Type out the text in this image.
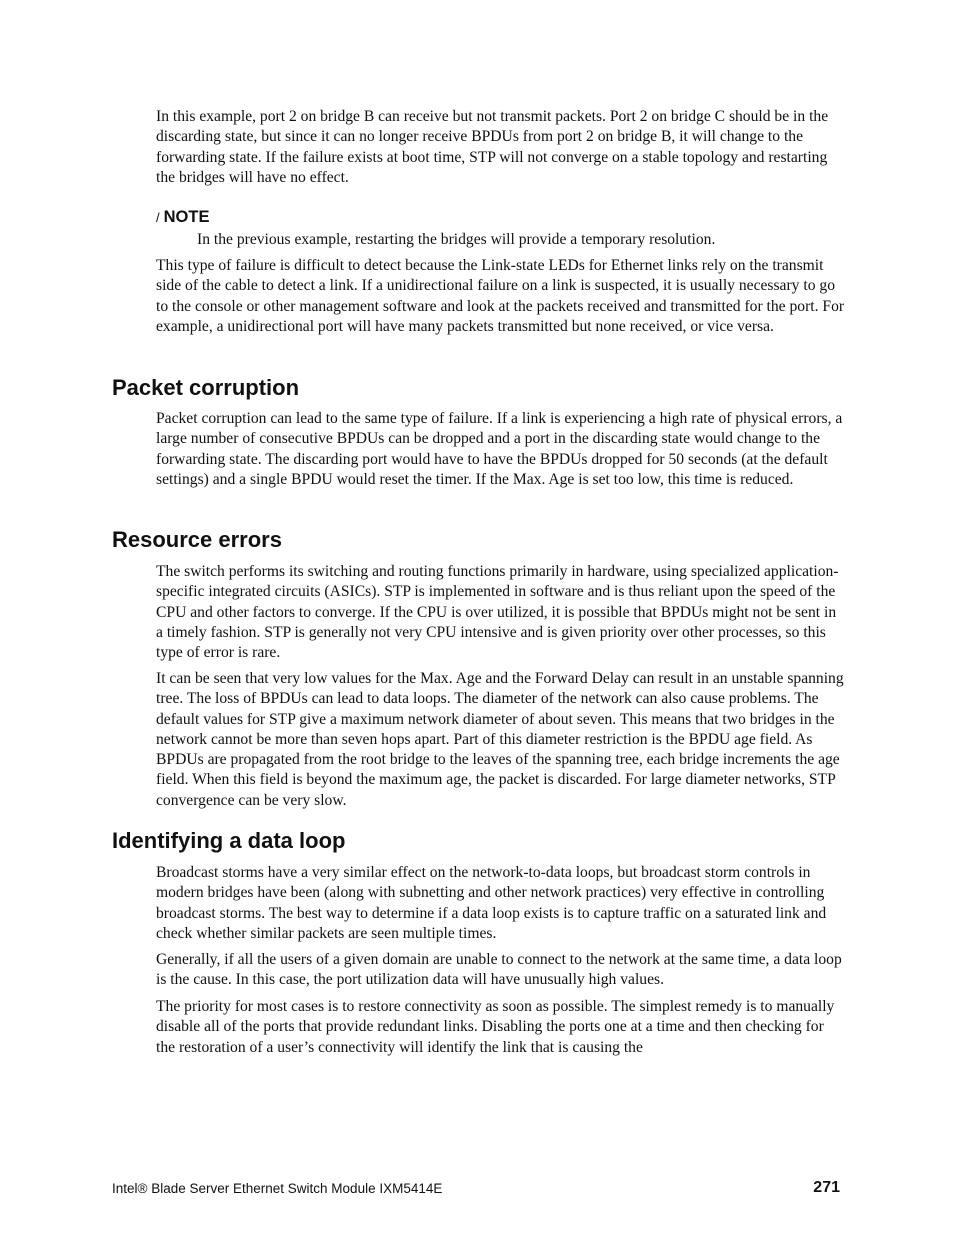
In this example, port 2 on bridge B can receive but not transmit packets. Port 2 on bridge C should be in the discarding state, but since it can no longer receive BPDUs from port 2 on bridge B, it will change to the forwarding state. If the failure exists at boot time, STP will not converge on a stable topology and restarting the bridges will have no effect.

/ NOTE

In the previous example, restarting the bridges will provide a temporary resolution.

This type of failure is difficult to detect because the Link-state LEDs for Ethernet links rely on the transmit side of the cable to detect a link. If a unidirectional failure on a link is suspected, it is usually necessary to go to the console or other management software and look at the packets received and transmitted for the port. For example, a unidirectional port will have many packets transmitted but none received, or vice versa.

Packet corruption

Packet corruption can lead to the same type of failure. If a link is experiencing a high rate of physical errors, a large number of consecutive BPDUs can be dropped and a port in the discarding state would change to the forwarding state. The discarding port would have to have the BPDUs dropped for 50 seconds (at the default settings) and a single BPDU would reset the timer. If the Max. Age is set too low, this time is reduced.

Resource errors

The switch performs its switching and routing functions primarily in hardware, using specialized application-specific integrated circuits (ASICs). STP is implemented in software and is thus reliant upon the speed of the CPU and other factors to converge. If the CPU is over utilized, it is possible that BPDUs might not be sent in a timely fashion. STP is generally not very CPU intensive and is given priority over other processes, so this type of error is rare.

It can be seen that very low values for the Max. Age and the Forward Delay can result in an unstable spanning tree. The loss of BPDUs can lead to data loops. The diameter of the network can also cause problems. The default values for STP give a maximum network diameter of about seven. This means that two bridges in the network cannot be more than seven hops apart. Part of this diameter restriction is the BPDU age field. As BPDUs are propagated from the root bridge to the leaves of the spanning tree, each bridge increments the age field. When this field is beyond the maximum age, the packet is discarded. For large diameter networks, STP convergence can be very slow.

Identifying a data loop

Broadcast storms have a very similar effect on the network-to-data loops, but broadcast storm controls in modern bridges have been (along with subnetting and other network practices) very effective in controlling broadcast storms. The best way to determine if a data loop exists is to capture traffic on a saturated link and check whether similar packets are seen multiple times.

Generally, if all the users of a given domain are unable to connect to the network at the same time, a data loop is the cause. In this case, the port utilization data will have unusually high values.

The priority for most cases is to restore connectivity as soon as possible. The simplest remedy is to manually disable all of the ports that provide redundant links. Disabling the ports one at a time and then checking for the restoration of a user’s connectivity will identify the link that is causing the

Intel® Blade Server Ethernet Switch Module IXM5414E	271
